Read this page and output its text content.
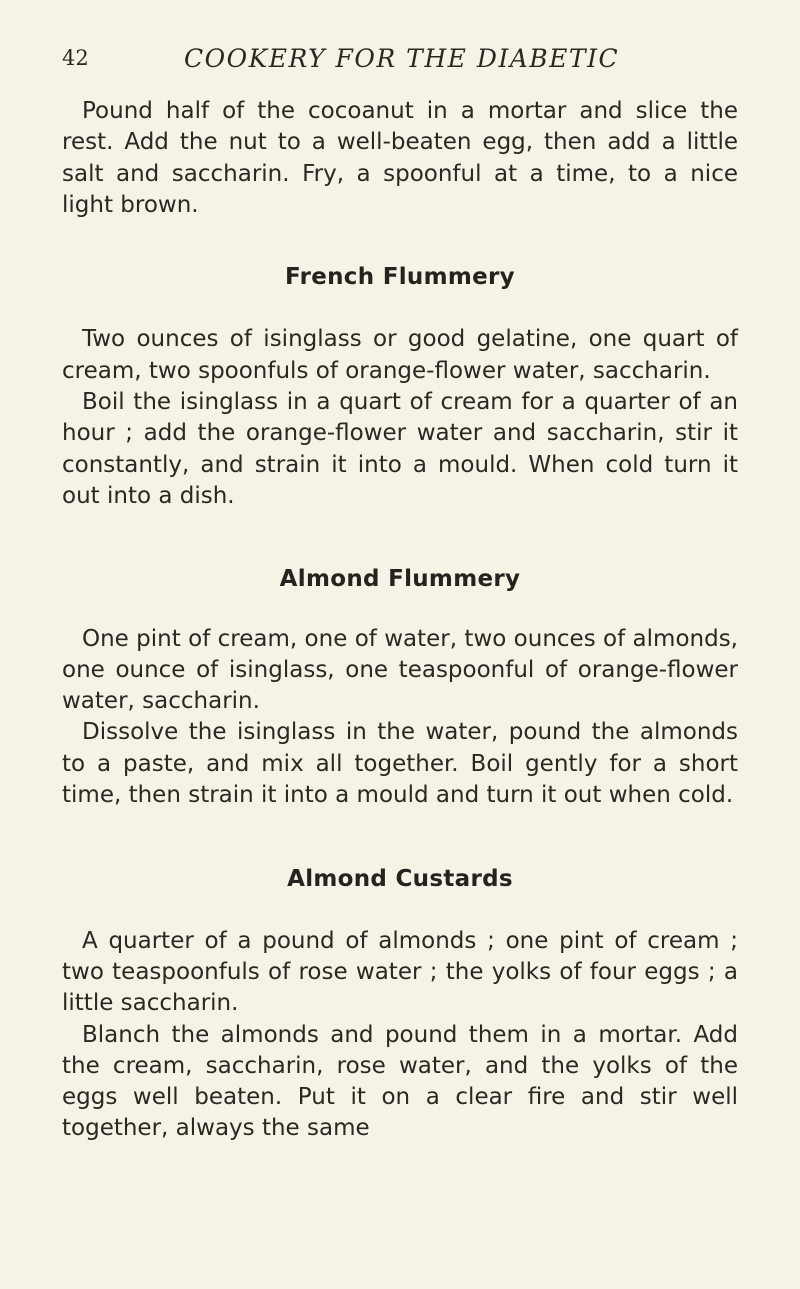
42	COOKERY FOR THE DIABETIC

Pound half of the cocoanut in a mortar and slice the rest. Add the nut to a well-beaten egg, then add a little salt and saccharin. Fry, a spoonful at a time, to a nice light brown.

French Flummery

Two ounces of isinglass or good gelatine, one quart of cream, two spoonfuls of orange-flower water, saccharin.

Boil the isinglass in a quart of cream for a quarter of an hour ; add the orange-flower water and saccharin, stir it constantly, and strain it into a mould. When cold turn it out into a dish.

Almond Flummery

One pint of cream, one of water, two ounces of almonds, one ounce of isinglass, one teaspoonful of orange-flower water, saccharin.

Dissolve the isinglass in the water, pound the almonds to a paste, and mix all together. Boil gently for a short time, then strain it into a mould and turn it out when cold.

Almond Custards

A quarter of a pound of almonds ; one pint of cream ; two teaspoonfuls of rose water ; the yolks of four eggs ; a little saccharin.

Blanch the almonds and pound them in a mortar. Add the cream, saccharin, rose water, and the yolks of the eggs well beaten. Put it on a clear fire and stir well together, always the same
